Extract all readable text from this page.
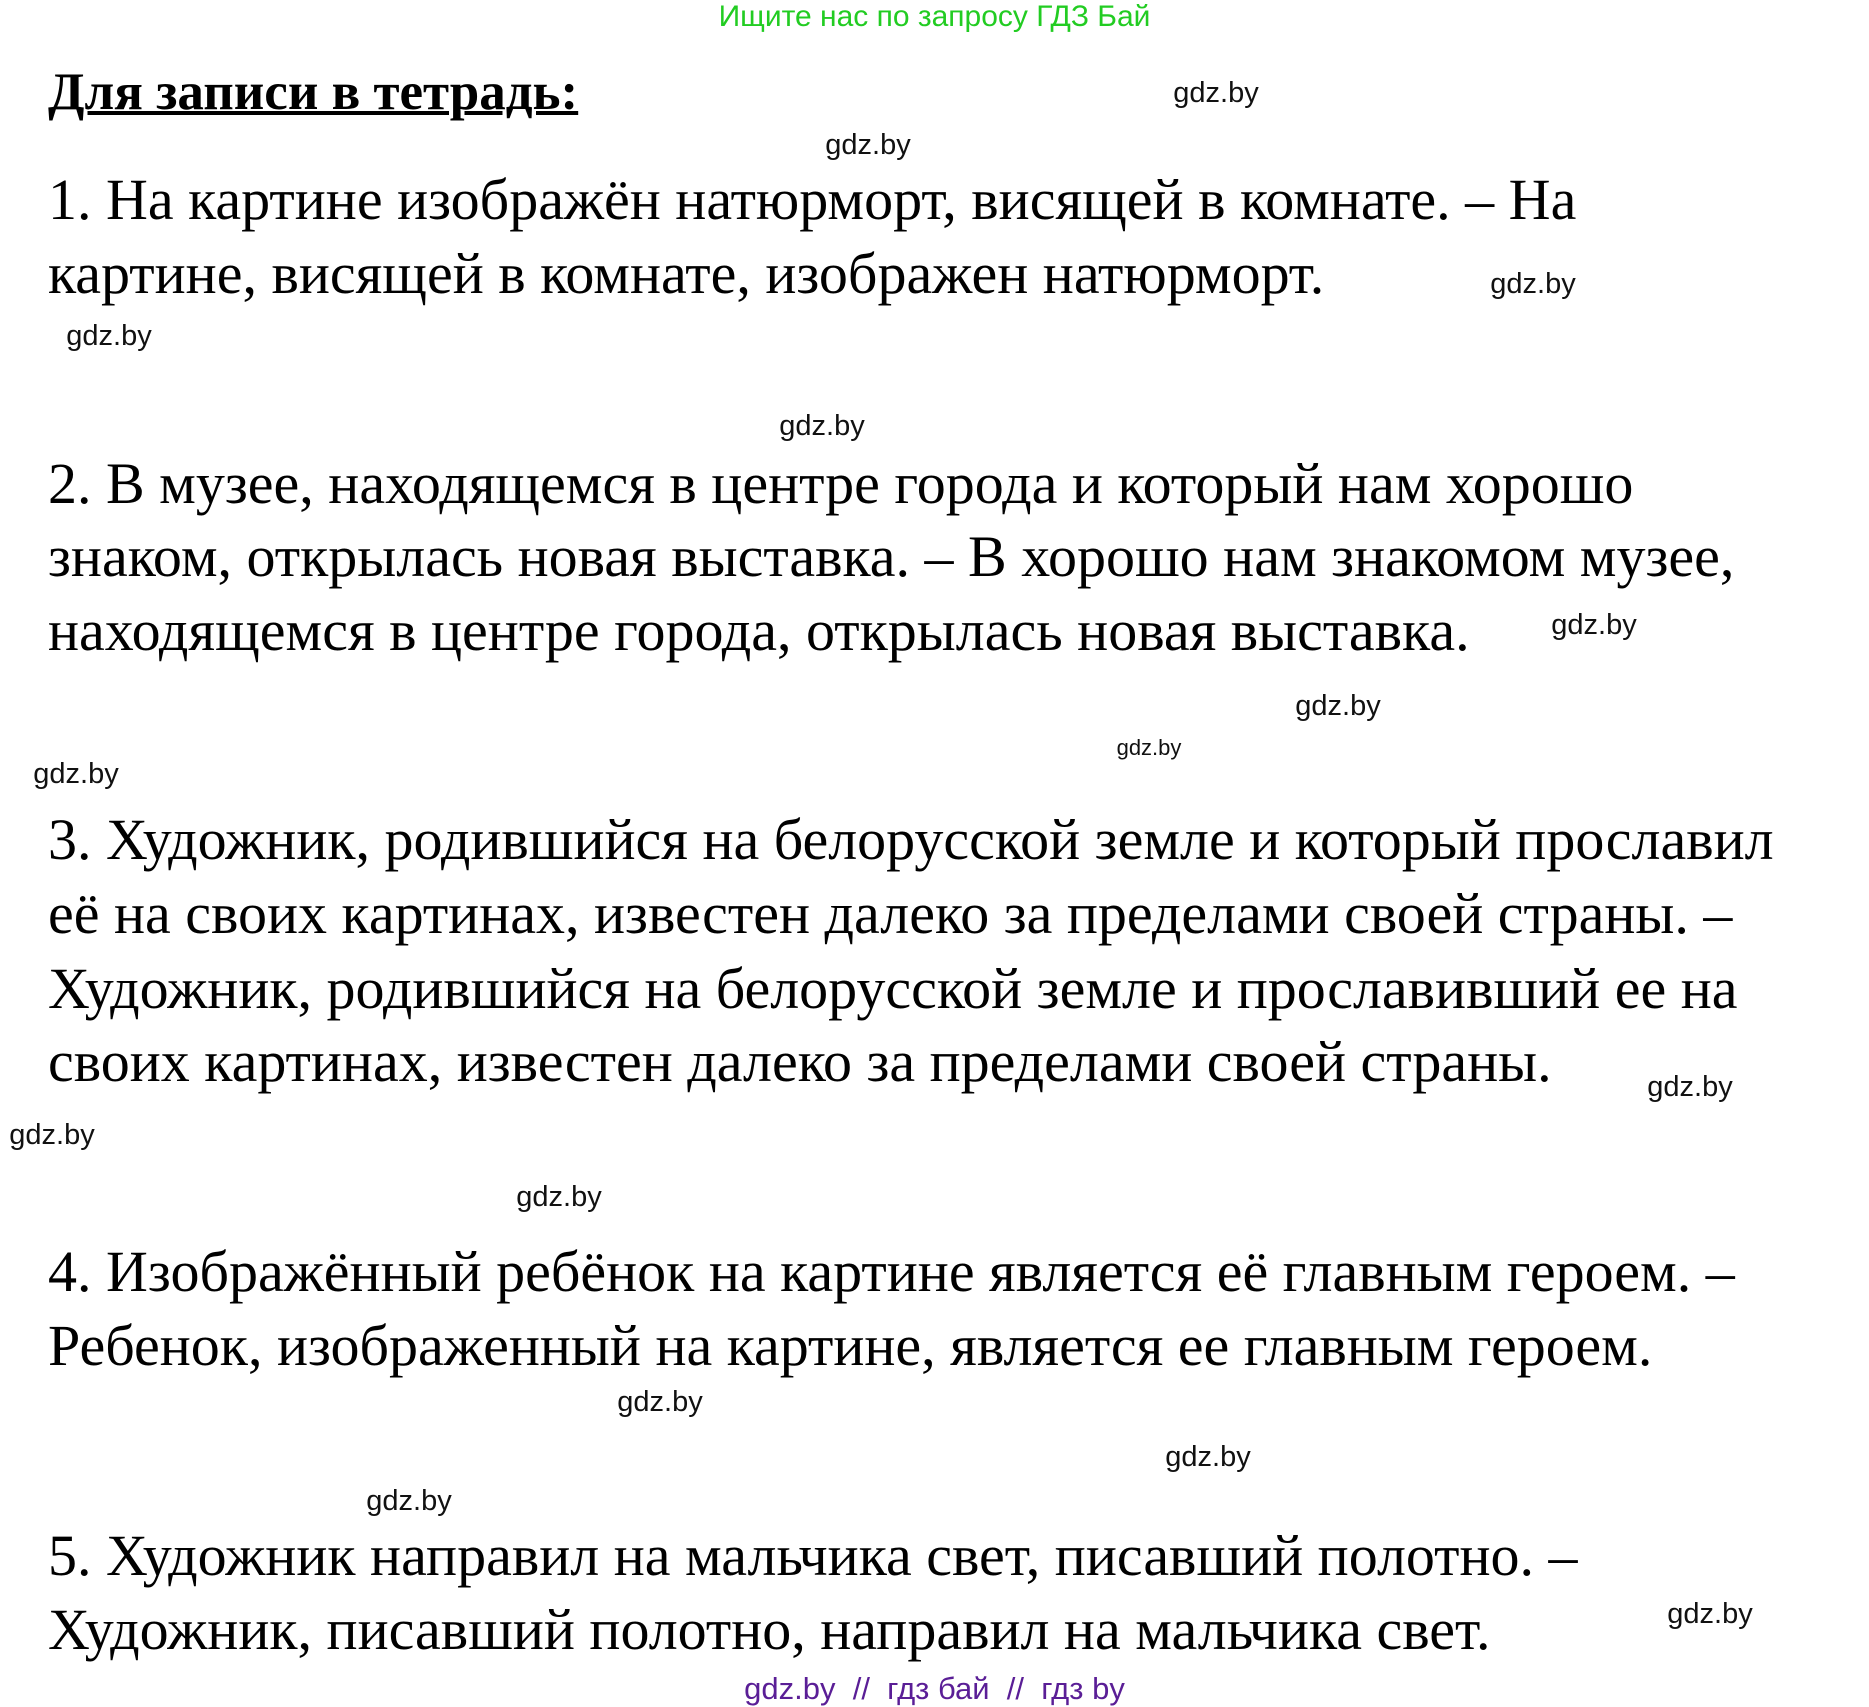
Ищите нас по запросу ГДЗ Бай
Для записи в тетрадь:
1. На картине изображён натюрморт, висящей в комнате. – На
картине, висящей в комнате, изображен натюрморт.
2. В музее, находящемся в центре города и который нам хорошо
знаком, открылась новая выставка. – В хорошо нам знакомом музее,
находящемся в центре города, открылась новая выставка.
3. Художник, родившийся на белорусской земле и который прославил
её на своих картинах, известен далеко за пределами своей страны. –
Художник, родившийся на белорусской земле и прославивший ее на
своих картинах, известен далеко за пределами своей страны.
4. Изображённый ребёнок на картине является её главным героем. –
Ребенок, изображенный на картине, является ее главным героем.
5. Художник направил на мальчика свет, писавший полотно. –
Художник, писавший полотно, направил на мальчика свет.
gdz.by
gdz.by
gdz.by
gdz.by
gdz.by
gdz.by
gdz.by
gdz.by
gdz.by
gdz.by
gdz.by
gdz.by
gdz.by
gdz.by
gdz.by
gdz.by
gdz.by  //  гдз бай  //  гдз by
